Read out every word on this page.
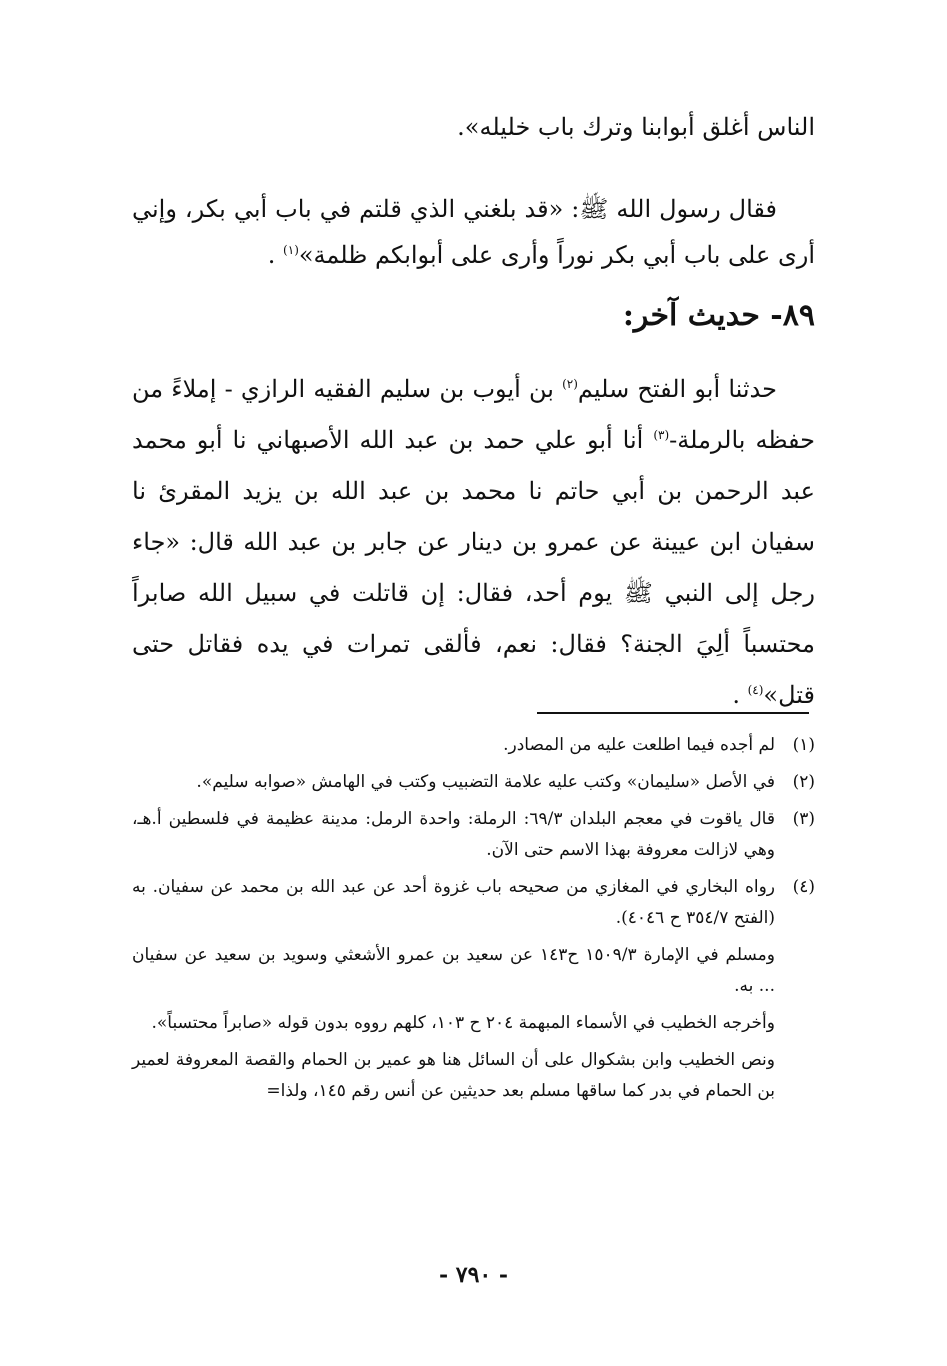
الناس أغلق أبوابنا وترك باب خليله».

فقال رسول الله ﷺ: «قد بلغني الذي قلتم في باب أبي بكر، وإني أرى على باب أبي بكر نوراً وأرى على أبوابكم ظلمة»$^{(١)}$ .

٨٩- حديث آخر:

حدثنا أبو الفتح سليم$^{(٢)}$ بن أيوب بن سليم الفقيه الرازي - إملاءً من حفظه بالرملة-$^{(٣)}$ أنا أبو علي حمد بن عبد الله الأصبهاني نا أبو محمد عبد الرحمن بن أبي حاتم نا محمد بن عبد الله بن يزيد المقرئ نا سفيان ابن عيينة عن عمرو بن دينار عن جابر بن عبد الله قال: «جاء رجل إلى النبي ﷺ يوم أحد، فقال: إن قاتلت في سبيل الله صابراً محتسباً ألِيَ الجنة؟ فقال: نعم، فألقى تمرات في يده فقاتل حتى قتل»$^{(٤)}$ .

(١)
لم أجده فيما اطلعت عليه من المصادر.
(٢)
في الأصل «سليمان» وكتب عليه علامة التضبيب وكتب في الهامش «صوابه سليم».
(٣)
قال ياقوت في معجم البلدان ٦٩/٣: الرملة: واحدة الرمل: مدينة عظيمة في فلسطين أ.هـ، وهي لازالت معروفة بهذا الاسم حتى الآن.
(٤)
رواه البخاري في المغازي من صحيحه باب غزوة أحد عن عبد الله بن محمد عن سفيان. به (الفتح ٣٥٤/٧ ح ٤٠٤٦).
ومسلم في الإمارة ١٥٠٩/٣ ح١٤٣ عن سعيد بن عمرو الأشعثي وسويد بن سعيد عن سفيان ... به.
وأخرجه الخطيب في الأسماء المبهمة ٢٠٤ ح ١٠٣، كلهم رووه بدون قوله «صابراً محتسباً».
ونص الخطيب وابن بشكوال على أن السائل هنا هو عمير بن الحمام والقصة المعروفة لعمير بن الحمام في بدر كما ساقها مسلم بعد حديثين عن أنس رقم ١٤٥، ولذا=
- ٧٩٠ -
